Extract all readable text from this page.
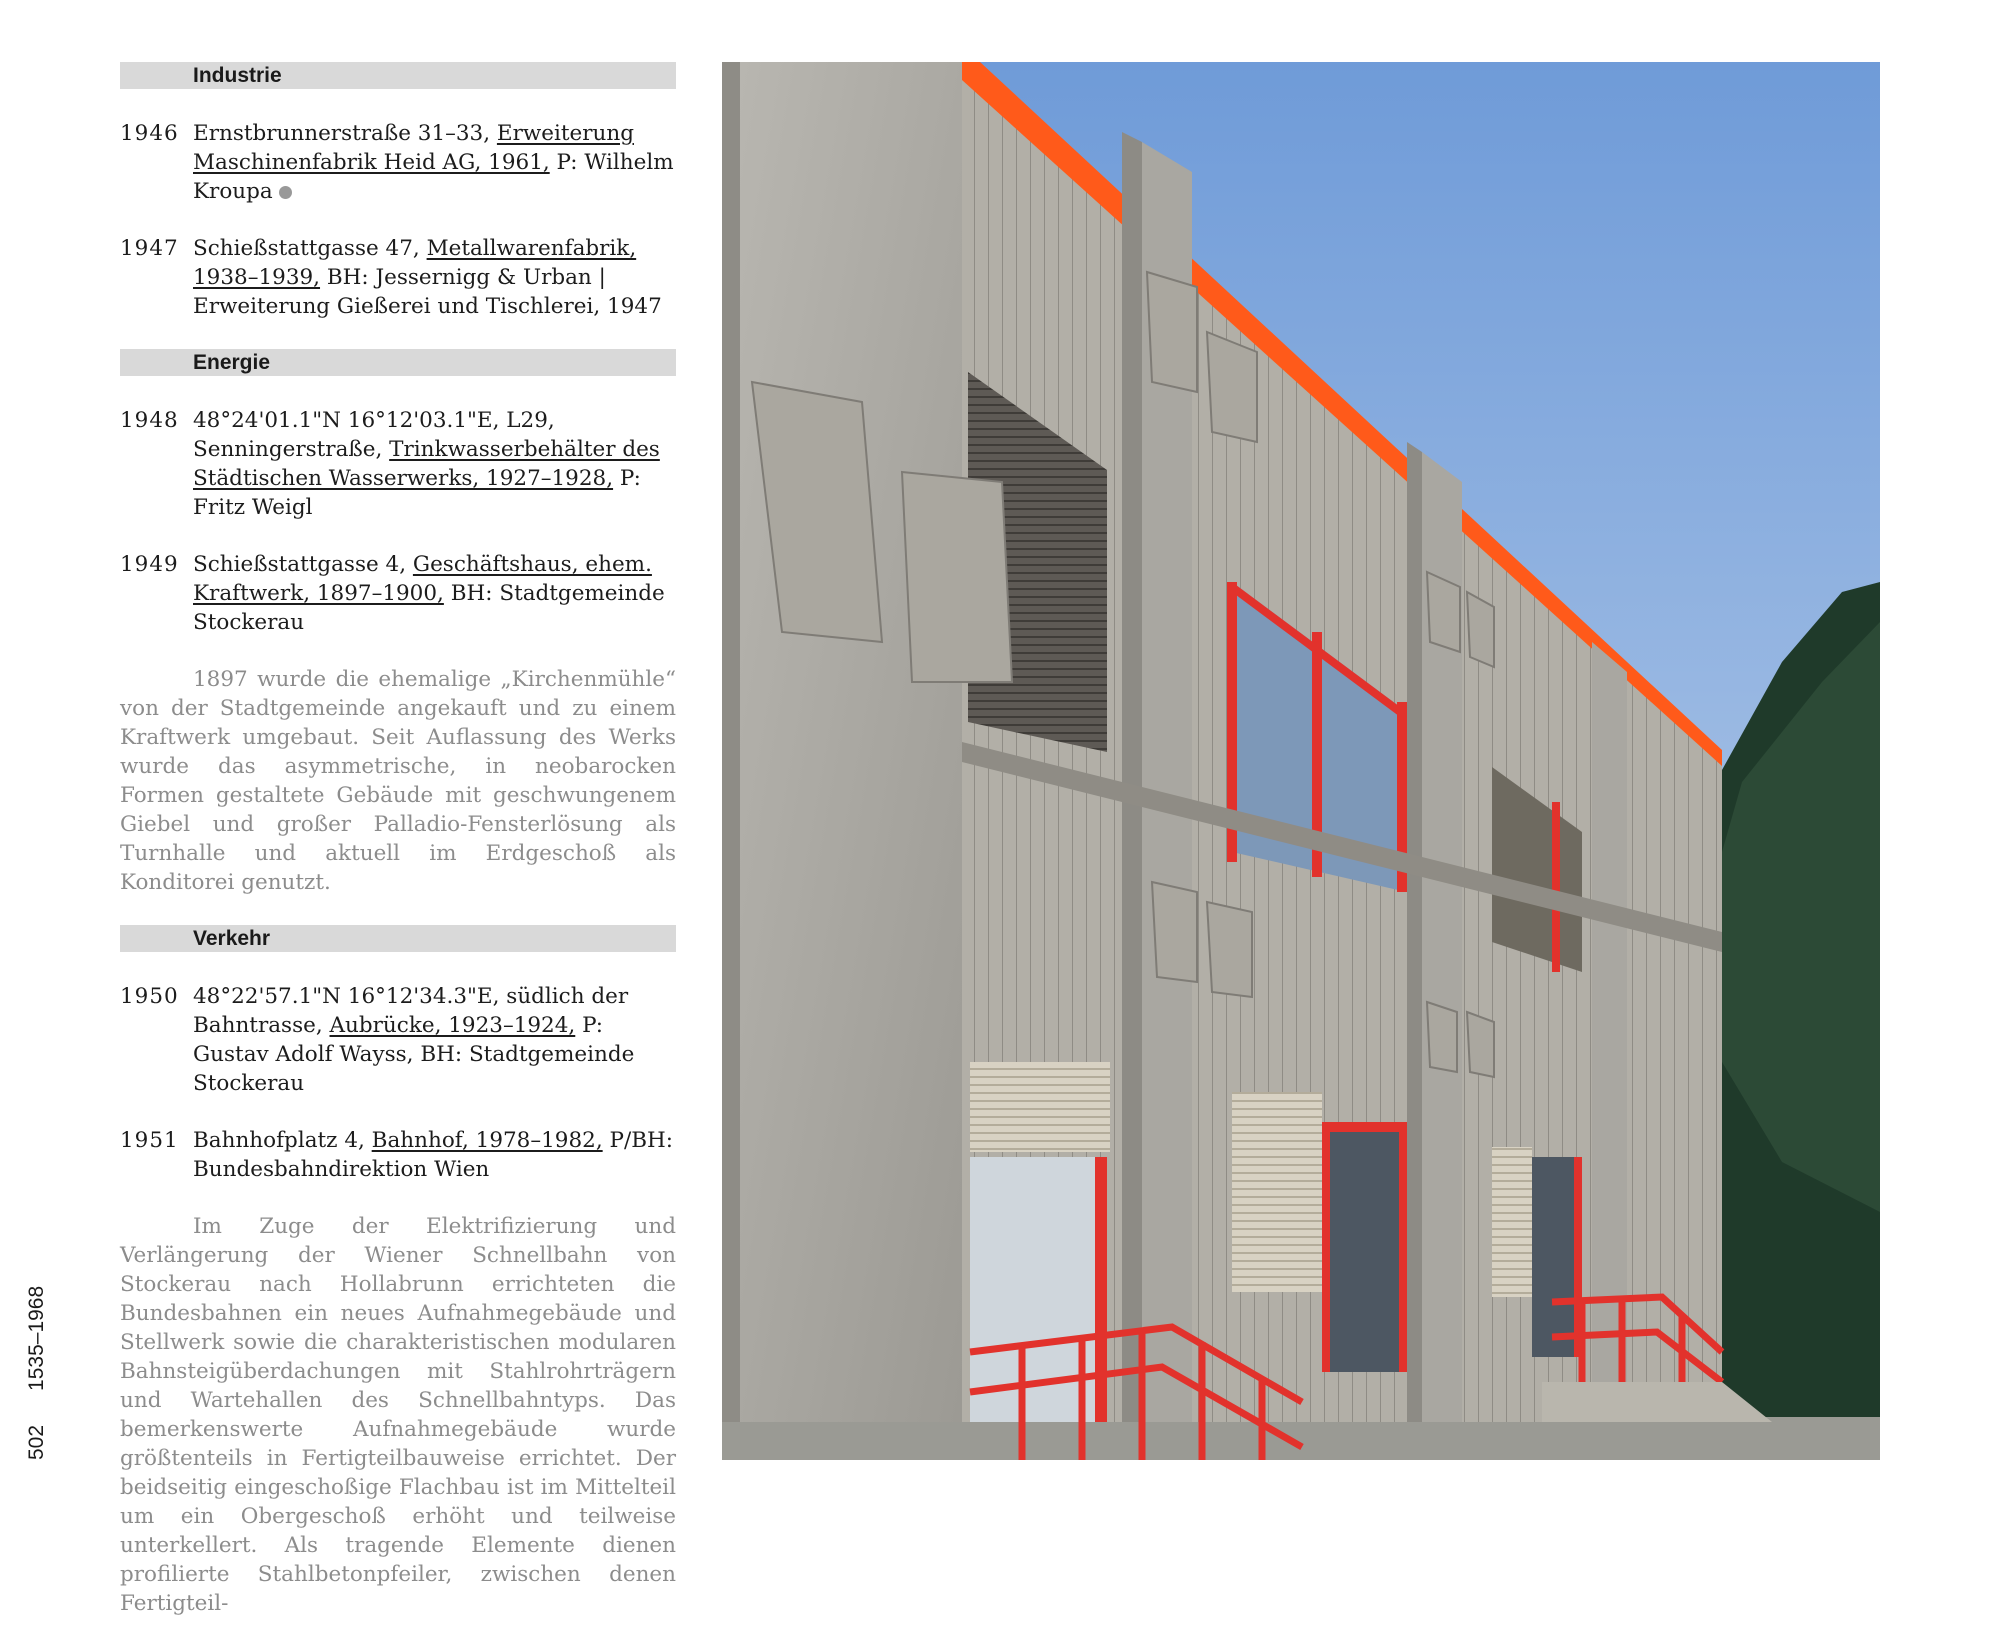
Industrie
1946 Ernstbrunnerstraße 31–33, Erweiterung Maschinenfabrik Heid AG, 1961, P: Wilhelm Kroupa
1947 Schießstattgasse 47, Metallwarenfabrik, 1938–1939, BH: Jessernigg & Urban | Erweiterung Gießerei und Tischlerei, 1947
Energie
1948 48°24'01.1"N 16°12'03.1"E, L29, Senningerstraße, Trinkwasserbehälter des Städtischen Wasserwerks, 1927–1928, P: Fritz Weigl
1949 Schießstattgasse 4, Geschäftshaus, ehem. Kraftwerk, 1897–1900, BH: Stadtgemeinde Stockerau
1897 wurde die ehemalige „Kirchenmühle“ von der Stadtgemeinde angekauft und zu einem Kraftwerk umgebaut. Seit Auflassung des Werks wurde das asymmetrische, in neobarocken Formen gestaltete Gebäude mit geschwungenem Giebel und großer Palladio-Fensterlösung als Turnhalle und aktuell im Erdgeschoß als Konditorei genutzt.
Verkehr
1950 48°22'57.1"N 16°12'34.3"E, südlich der Bahntrasse, Aubrücke, 1923–1924, P: Gustav Adolf Wayss, BH: Stadtgemeinde Stockerau
1951 Bahnhofplatz 4, Bahnhof, 1978–1982, P/BH: Bundesbahndirektion Wien
Im Zuge der Elektrifizierung und Verlängerung der Wiener Schnellbahn von Stockerau nach Hollabrunn errichteten die Bundesbahnen ein neues Aufnahmegebäude und Stellwerk sowie die charakteristischen modularen Bahnsteigüberdachungen mit Stahlrohrträgern und Wartehallen des Schnellbahntyps. Das bemerkenswerte Aufnahmegebäude wurde größtenteils in Fertigteilbauweise errichtet. Der beidseitig eingeschoßige Flachbau ist im Mittelteil um ein Obergeschoß erhöht und teilweise unterkellert. Als tragende Elemente dienen profilierte Stahlbetonpfeiler, zwischen denen Fertigteil-
5021535–1968
